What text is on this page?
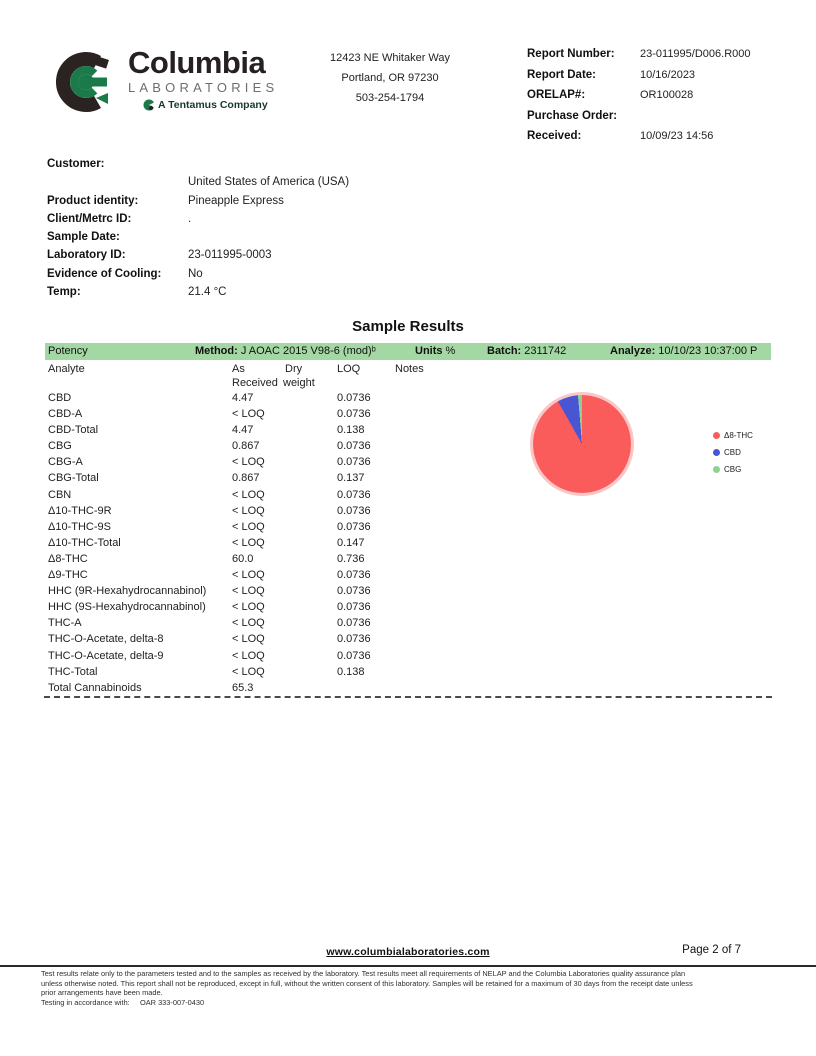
Columbia
LABORATORIES
A Tentamus Company
12423 NE Whitaker Way
Portland, OR 97230
503-254-1794
Report Number:	23-011995/D006.R000
Report Date:	10/16/2023
ORELAP#:	OR100028
Purchase Order:
Received:	10/09/23 14:56
Customer:
United States of America (USA)
Product identity:	Pineapple Express
Client/Metrc ID:	.
Sample Date:
Laboratory ID:	23-011995-0003
Evidence of Cooling:	No
Temp:	21.4 °C
Sample Results
Potency	Method: J AOAC 2015 V98-6 (mod)ᵇ	Units %	Batch: 2311742	Analyze: 10/10/23 10:37:00 P
Analyte	As
Received
Dry
weight
LOQ	Notes
CBD	4.47	0.0736
CBD-A	< LOQ	0.0736
CBD-Total	4.47	0.138
CBG	0.867	0.0736
CBG-A	< LOQ	0.0736
CBG-Total	0.867	0.137
CBN	< LOQ	0.0736
Δ10-THC-9R	< LOQ	0.0736
Δ10-THC-9S	< LOQ	0.0736
Δ10-THC-Total	< LOQ	0.147
Δ8-THC	60.0	0.736
Δ9-THC	< LOQ	0.0736
HHC (9R-Hexahydrocannabinol)	< LOQ	0.0736
HHC (9S-Hexahydrocannabinol)	< LOQ	0.0736
THC-A	< LOQ	0.0736
THC-O-Acetate, delta-8	< LOQ	0.0736
THC-O-Acetate, delta-9	< LOQ	0.0736
THC-Total	< LOQ	0.138
Total Cannabinoids	65.3
Δ8-THC
CBD
CBG
www.columbialaboratories.com	Page 2 of 7
Test results relate only to the parameters tested and to the samples as received by the laboratory. Test results meet all requirements of NELAP and the Columbia Laboratories quality assurance plan
unless otherwise noted. This report shall not be reproduced, except in full, without the written consent of this laboratory. Samples will be retained for a maximum of 30 days from the receipt date unless
prior arrangements have been made.
Testing in accordance with:     OAR 333-007-0430
